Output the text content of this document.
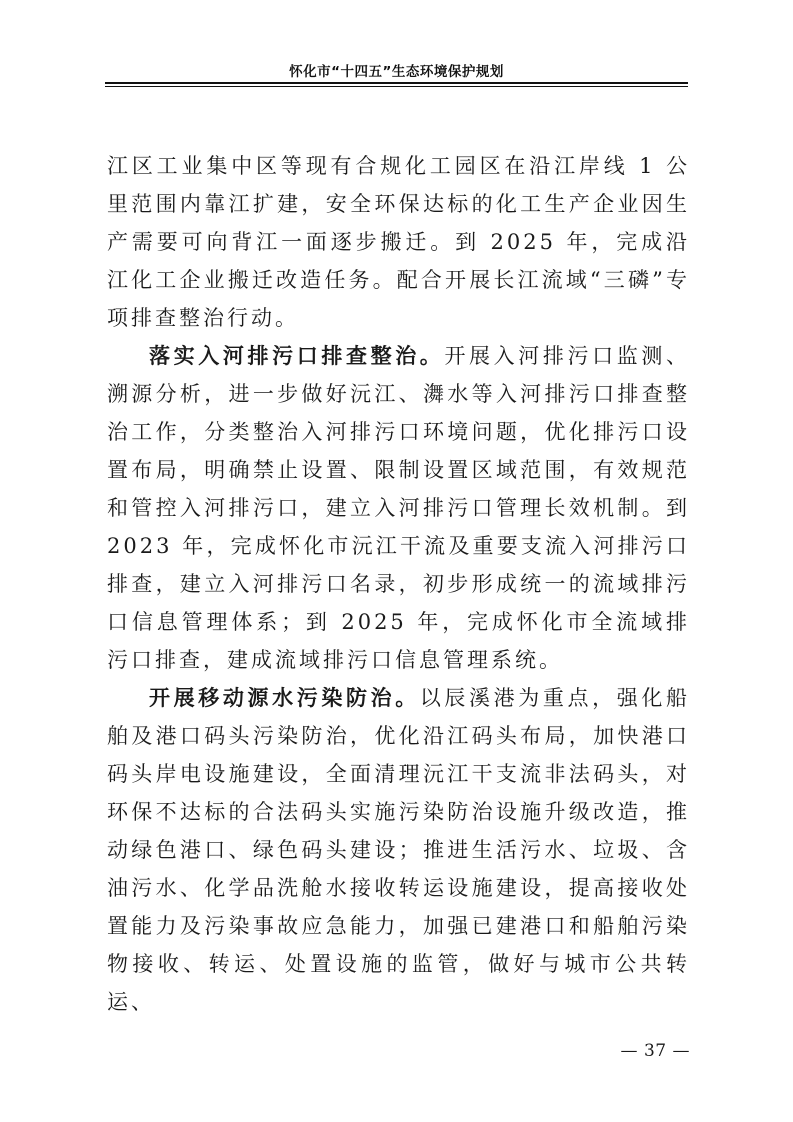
怀化市“十四五”生态环境保护规划

江区工业集中区等现有合规化工园区在沿江岸线 1 公里范围内靠江扩建，安全环保达标的化工生产企业因生产需要可向背江一面逐步搬迁。到 2025 年，完成沿江化工企业搬迁改造任务。配合开展长江流域“三磷”专项排查整治行动。

落实入河排污口排查整治。开展入河排污口监测、溯源分析，进一步做好沅江、㵲水等入河排污口排查整治工作，分类整治入河排污口环境问题，优化排污口设置布局，明确禁止设置、限制设置区域范围，有效规范和管控入河排污口，建立入河排污口管理长效机制。到 2023 年，完成怀化市沅江干流及重要支流入河排污口排查，建立入河排污口名录，初步形成统一的流域排污口信息管理体系；到 2025 年，完成怀化市全流域排污口排查，建成流域排污口信息管理系统。

开展移动源水污染防治。以辰溪港为重点，强化船舶及港口码头污染防治，优化沿江码头布局，加快港口码头岸电设施建设，全面清理沅江干支流非法码头，对环保不达标的合法码头实施污染防治设施升级改造，推动绿色港口、绿色码头建设；推进生活污水、垃圾、含油污水、化学品洗舱水接收转运设施建设，提高接收处置能力及污染事故应急能力，加强已建港口和船舶污染物接收、转运、处置设施的监管，做好与城市公共转运、

— 37 —
